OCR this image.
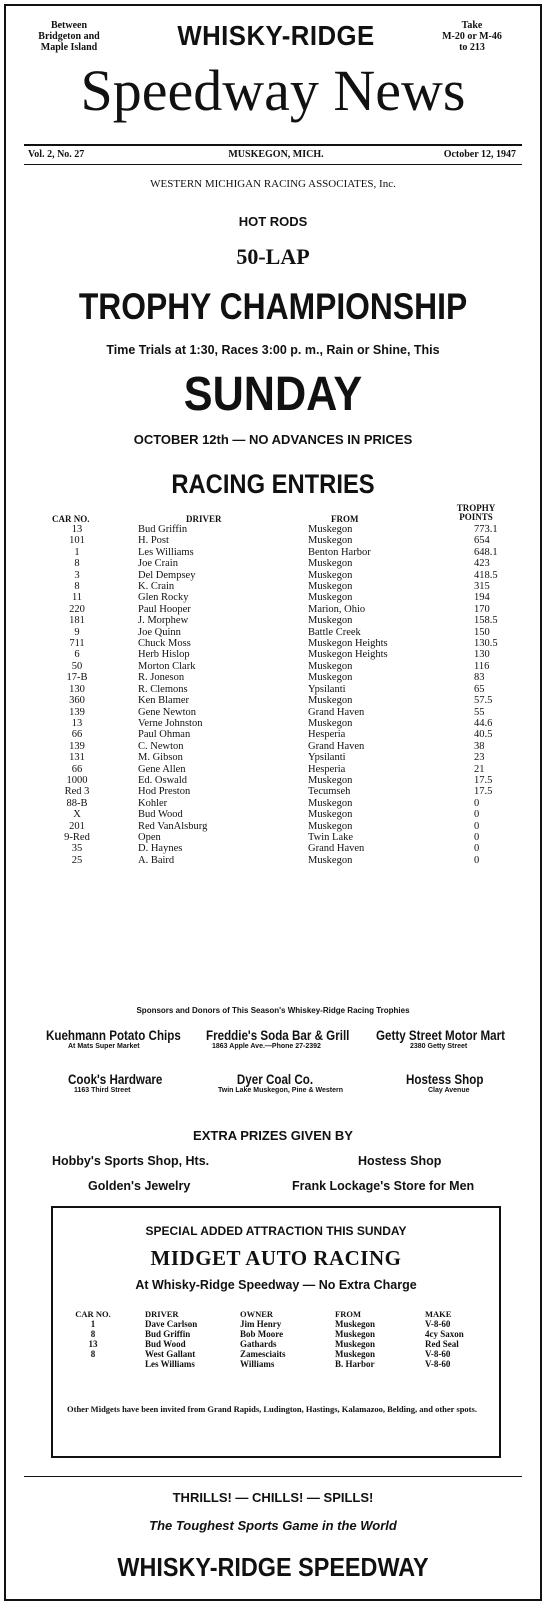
Between
Bridgeton and
Maple Island
Take
M-20 or M-46
to 213
WHISKY-RIDGE
Speedway News
Vol. 2, No. 27	MUSKEGON, MICH.	October 12, 1947
WESTERN MICHIGAN RACING ASSOCIATES, Inc.
HOT RODS
50-LAP
TROPHY CHAMPIONSHIP
Time Trials at 1:30, Races 3:00 p. m., Rain or Shine, This
SUNDAY
OCTOBER 12th — NO ADVANCES IN PRICES
RACING ENTRIES
CAR NO.	DRIVER	FROM
TROPHY
POINTS
13	Bud Griffin	Muskegon	773.1
101	H. Post	Muskegon	654
1	Les Williams	Benton Harbor	648.1
8	Joe Crain	Muskegon	423
3	Del Dempsey	Muskegon	418.5
8	K. Crain	Muskegon	315
11	Glen Rocky	Muskegon	194
220	Paul Hooper	Marion, Ohio	170
181	J. Morphew	Muskegon	158.5
9	Joe Quinn	Battle Creek	150
711	Chuck Moss	Muskegon Heights	130.5
6	Herb Hislop	Muskegon Heights	130
50	Morton Clark	Muskegon	116
17-B	R. Joneson	Muskegon	83
130	R. Clemons	Ypsilanti	65
360	Ken Blamer	Muskegon	57.5
139	Gene Newton	Grand Haven	55
13	Verne Johnston	Muskegon	44.6
66	Paul Ohman	Hesperia	40.5
139	C. Newton	Grand Haven	38
131	M. Gibson	Ypsilanti	23
66	Gene Allen	Hesperia	21
1000	Ed. Oswald	Muskegon	17.5
Red 3	Hod Preston	Tecumseh	17.5
88-B	Kohler	Muskegon	0
X	Bud Wood	Muskegon	0
201	Red VanAlsburg	Muskegon	0
9-Red	Open	Twin Lake	0
35	D. Haynes	Grand Haven	0
25	A. Baird	Muskegon	0
Sponsors and Donors of This Season's Whiskey-Ridge Racing Trophies
Kuehmann Potato Chips
At Mats Super Market
Freddie's Soda Bar & Grill
1863 Apple Ave.—Phone 27-2392
Getty Street Motor Mart
2380 Getty Street
Cook's Hardware
1163 Third Street
Dyer Coal Co.
Twin Lake Muskegon, Pine & Western
Hostess Shop
Clay Avenue
EXTRA PRIZES GIVEN BY
Hobby's Sports Shop, Hts.	Hostess Shop
Golden's Jewelry	Frank Lockage's Store for Men
SPECIAL ADDED ATTRACTION THIS SUNDAY
MIDGET AUTO RACING
At Whisky-Ridge Speedway — No Extra Charge
CAR NO.	DRIVER	OWNER	FROM	MAKE
1	Dave Carlson	Jim Henry	Muskegon	V-8-60
8	Bud Griffin	Bob Moore	Muskegon	4cy Saxon
13	Bud Wood	Gathards	Muskegon	Red Seal
8	West Gallant	Zamesciaits	Muskegon	V-8-60
	Les Williams	Williams	B. Harbor	V-8-60
Other Midgets have been invited from Grand Rapids, Ludington, Hastings, Kalamazoo, Belding, and other spots.
THRILLS! — CHILLS! — SPILLS!
The Toughest Sports Game in the World
WHISKY-RIDGE SPEEDWAY
